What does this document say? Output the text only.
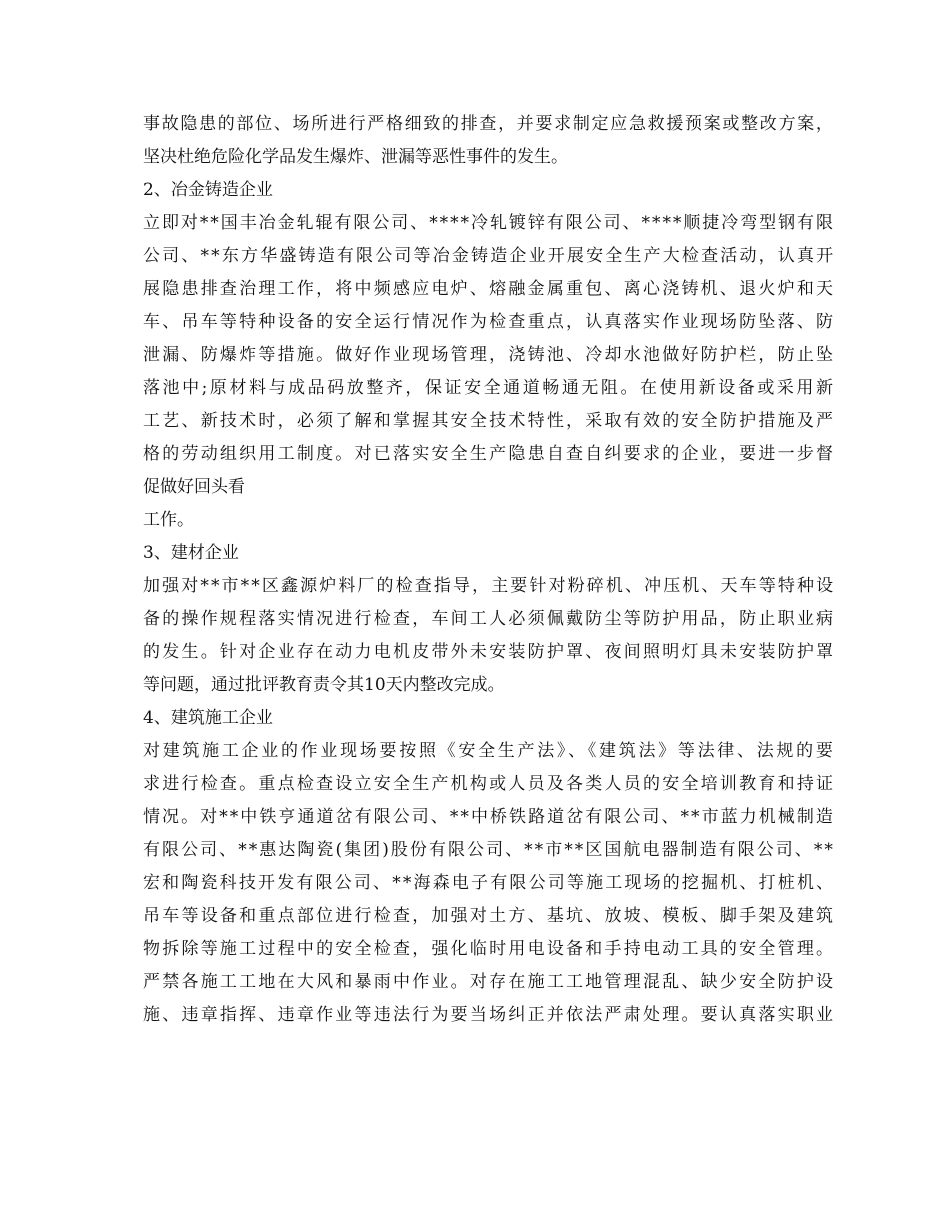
事故隐患的部位、场所进行严格细致的排查，并要求制定应急救援预案或整改方案，
坚决杜绝危险化学品发生爆炸、泄漏等恶性事件的发生。
2、冶金铸造企业
立即对**国丰冶金轧辊有限公司、****冷轧镀锌有限公司、****顺捷冷弯型钢有限
公司、**东方华盛铸造有限公司等冶金铸造企业开展安全生产大检查活动，认真开
展隐患排查治理工作，将中频感应电炉、熔融金属重包、离心浇铸机、退火炉和天
车、吊车等特种设备的安全运行情况作为检查重点，认真落实作业现场防坠落、防
泄漏、防爆炸等措施。做好作业现场管理，浇铸池、冷却水池做好防护栏，防止坠
落池中;原材料与成品码放整齐，保证安全通道畅通无阻。在使用新设备或采用新
工艺、新技术时，必须了解和掌握其安全技术特性，采取有效的安全防护措施及严
格的劳动组织用工制度。对已落实安全生产隐患自查自纠要求的企业，要进一步督
促做好回头看
工作。
3、建材企业
加强对**市**区鑫源炉料厂的检查指导，主要针对粉碎机、冲压机、天车等特种设
备的操作规程落实情况进行检查，车间工人必须佩戴防尘等防护用品，防止职业病
的发生。针对企业存在动力电机皮带外未安装防护罩、夜间照明灯具未安装防护罩
等问题，通过批评教育责令其10天内整改完成。
4、建筑施工企业
对建筑施工企业的作业现场要按照《安全生产法》、《建筑法》等法律、法规的要
求进行检查。重点检查设立安全生产机构或人员及各类人员的安全培训教育和持证
情况。对**中铁亨通道岔有限公司、**中桥铁路道岔有限公司、**市蓝力机械制造
有限公司、**惠达陶瓷(集团)股份有限公司、**市**区国航电器制造有限公司、**
宏和陶瓷科技开发有限公司、**海森电子有限公司等施工现场的挖掘机、打桩机、
吊车等设备和重点部位进行检查，加强对土方、基坑、放坡、模板、脚手架及建筑
物拆除等施工过程中的安全检查，强化临时用电设备和手持电动工具的安全管理。
严禁各施工工地在大风和暴雨中作业。对存在施工工地管理混乱、缺少安全防护设
施、违章指挥、违章作业等违法行为要当场纠正并依法严肃处理。要认真落实职业
